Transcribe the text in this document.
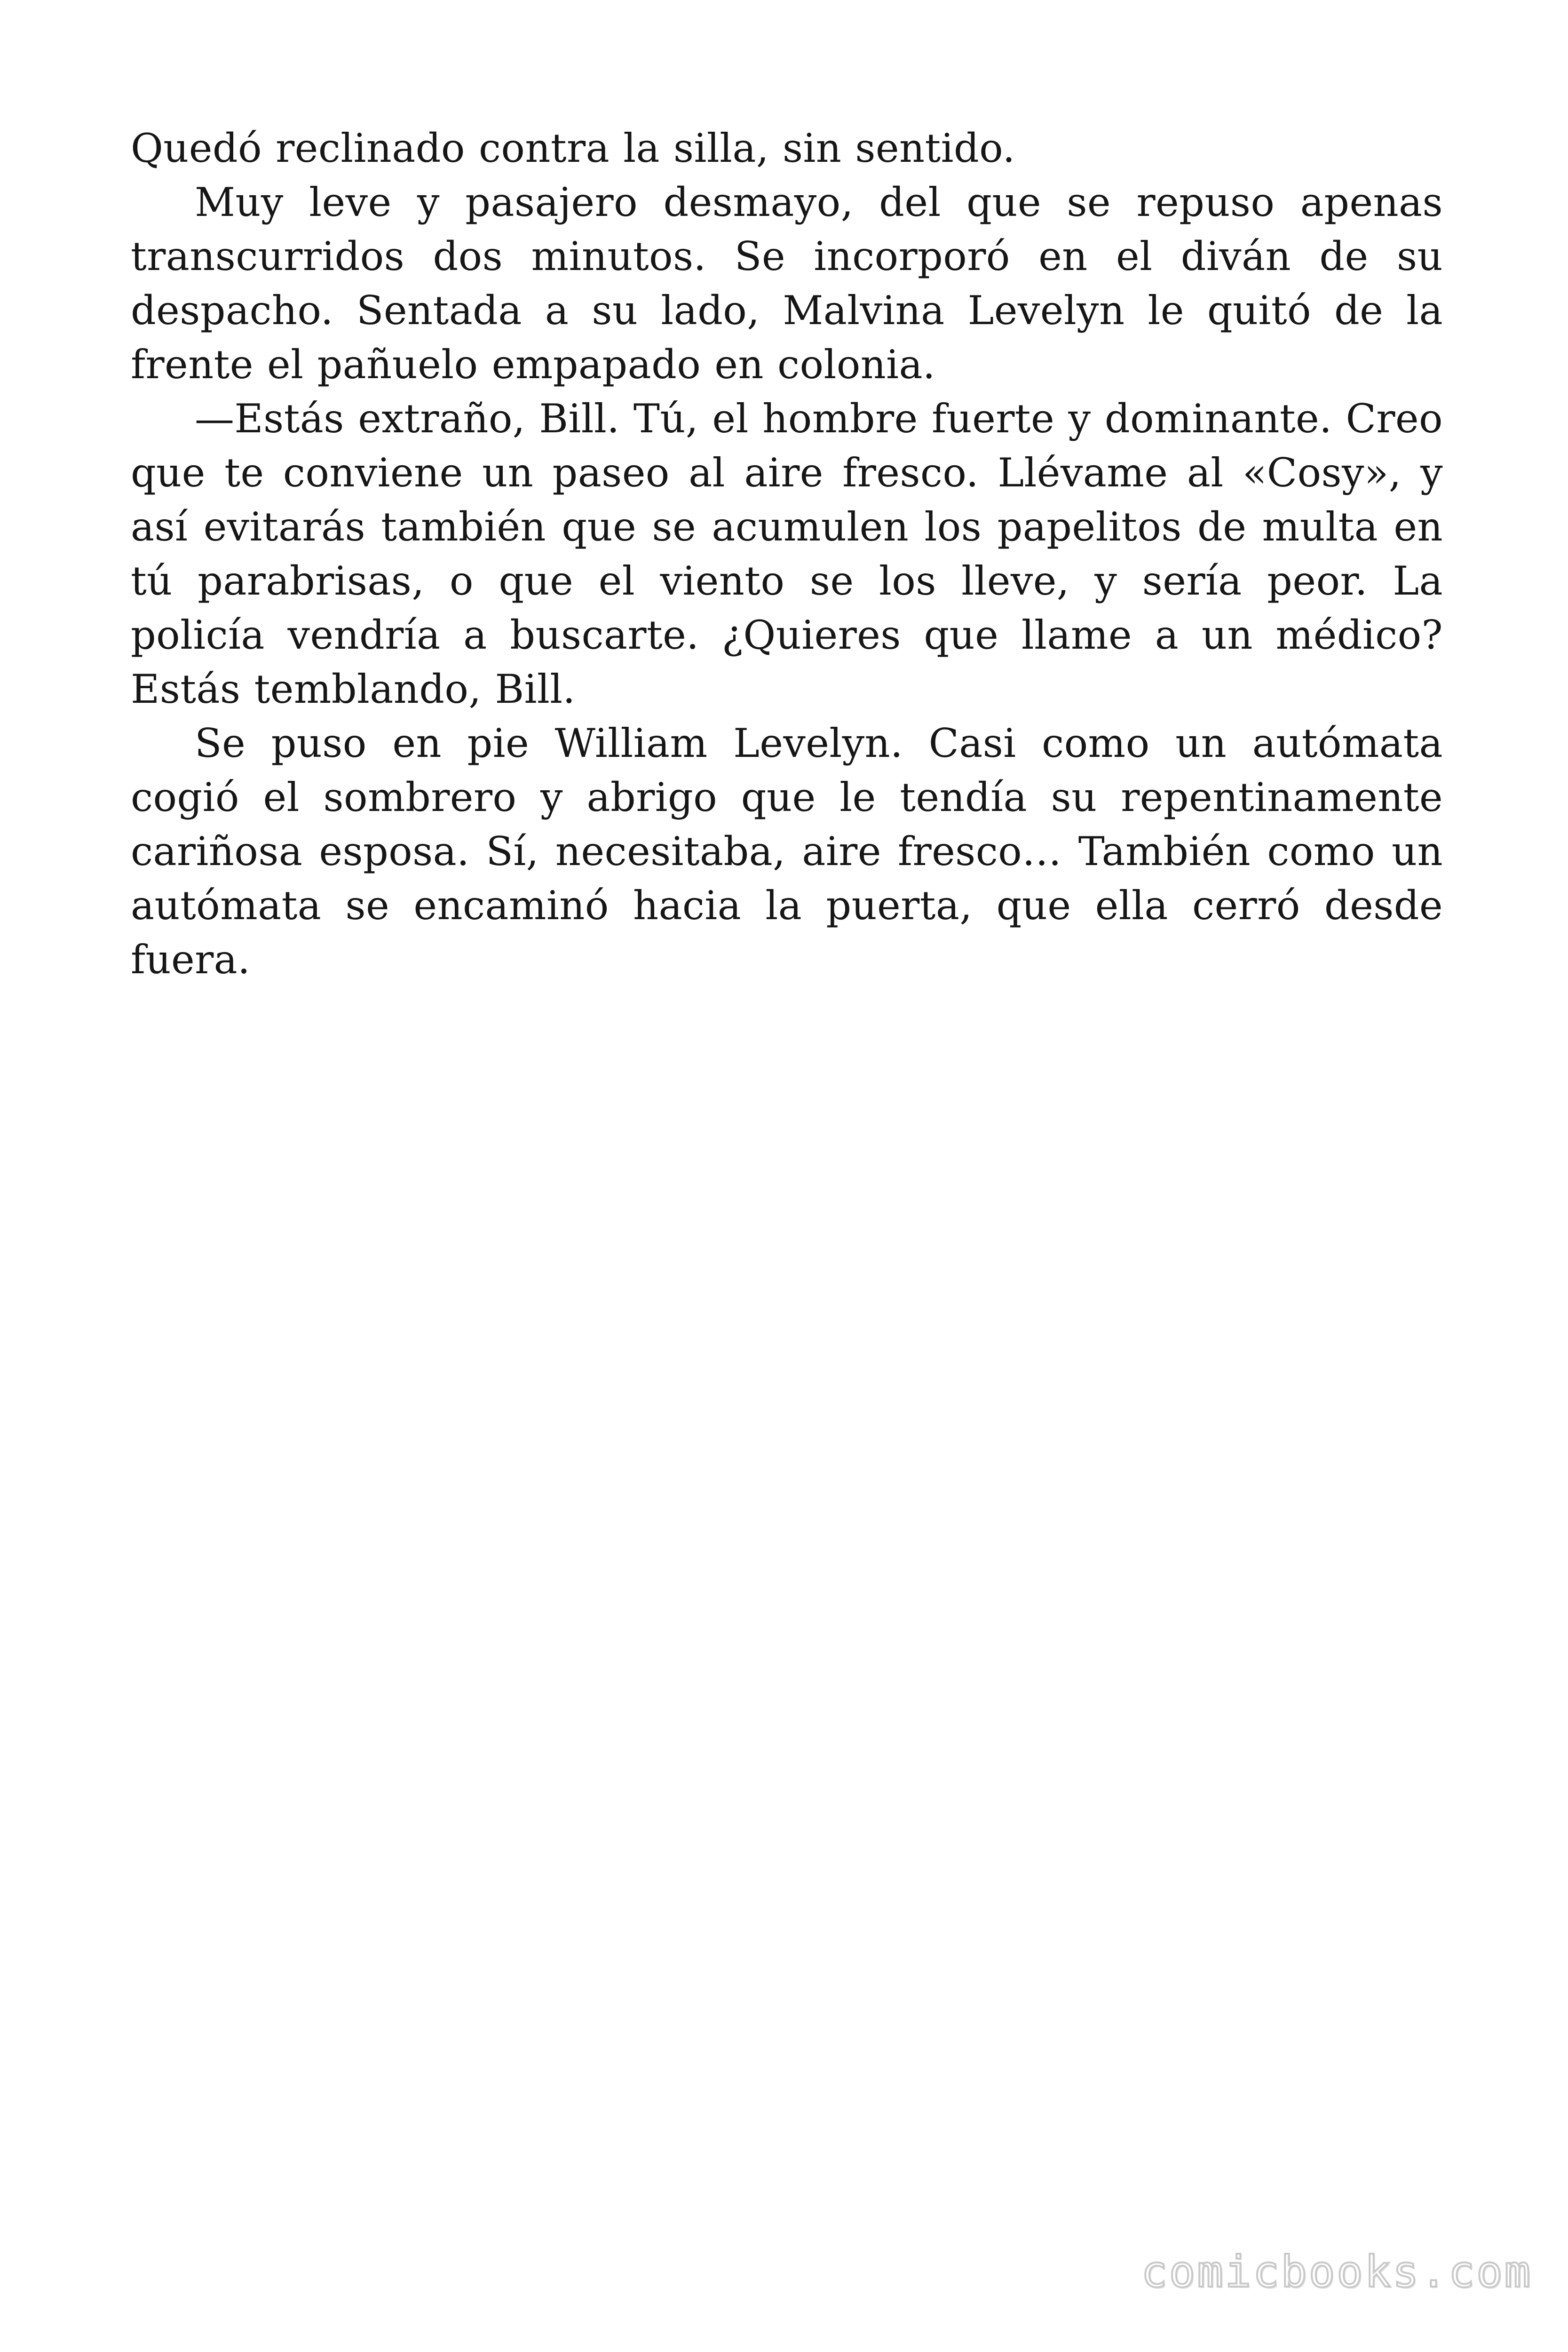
Quedó reclinado contra la silla, sin sentido.

Muy leve y pasajero desmayo, del que se repuso apenas transcurridos dos minutos. Se incorporó en el diván de su despacho. Sentada a su lado, Malvina Levelyn le quitó de la frente el pañuelo empapado en colonia.

—Estás extraño, Bill. Tú, el hombre fuerte y dominante. Creo que te conviene un paseo al aire fresco. Llévame al «Cosy», y así evitarás también que se acumulen los papelitos de multa en tú parabrisas, o que el viento se los lleve, y sería peor. La policía vendría a buscarte. ¿Quieres que llame a un médico? Estás temblando, Bill.

Se puso en pie William Levelyn. Casi como un autómata cogió el sombrero y abrigo que le tendía su repentinamente cariñosa esposa. Sí, necesitaba, aire fresco… También como un autómata se encaminó hacia la puerta, que ella cerró desde fuera.

comicbooks.com
